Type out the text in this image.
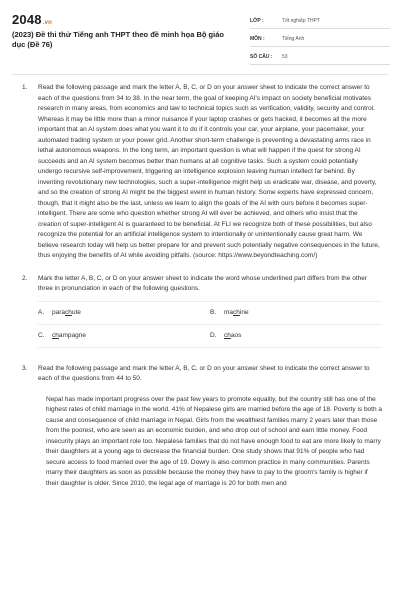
2048.vn
(2023) Đề thi thử Tiếng anh THPT theo đề minh họa Bộ giáo dục (Đề 76)
LỚP :	Tốt nghiệp THPT
MÔN :	Tiếng Anh
SỐ CÂU :	53
1. Read the following passage and mark the letter A, B, C, or D on your answer sheet to indicate the correct answer to each of the questions from 34 to 38. In the near term, the goal of keeping AI's impact on society beneficial motivates research in many areas, from economics and law to technical topics such as verification, validity, security and control. Whereas it may be little more than a minor nuisance if your laptop crashes or gets hacked, it becomes all the more important that an AI system does what you want it to do if it controls your car, your airplane, your pacemaker, your automated trading system or your power grid. Another short-term challenge is preventing a devastating arms race in lethal autonomous weapons. In the long term, an important question is what will happen if the quest for strong AI succeeds and an AI system becomes better than humans at all cognitive tasks. Such a system could potentially undergo recursive self-improvement, triggering an intelligence explosion leaving human intellect far behind. By inventing revolutionary new technologies, such a super-intelligence might help us eradicate war, disease, and poverty, and so the creation of strong AI might be the biggest event in human history. Some experts have expressed concern, though, that it might also be the last, unless we learn to align the goals of the AI with ours before it becomes super-intelligent. There are some who question whether strong AI will ever be achieved, and others who insist that the creation of super-intelligent AI is guaranteed to be beneficial. At FLI we recognize both of these possibilities, but also recognize the potential for an artificial intelligence system to intentionally or unintentionally cause great harm. We believe research today will help us better prepare for and prevent such potentially negative consequences in the future, thus enjoying the benefits of AI while avoiding pitfalls. (source: https://www.beyondteaching.com/)

2. Mark the letter A, B, C, or D on your answer sheet to indicate the word whose underlined part differs from the other three in pronunciation in each of the following questions.

A.	parachute	B.	machine
C.	champagne	D.	chaos
3. Read the following passage and mark the letter A, B, C, or D on your answer sheet to indicate the correct answer to each of the questions from 44 to 50.

Nepal has made important progress over the past few years to promote equality, but the country still has one of the highest rates of child marriage in the world. 41% of Nepalese girls are married before the age of 18. Poverty is both a cause and consequence of child marriage in Nepal. Girls from the wealthiest families marry 2 years later than those from the poorest, who are seen as an economic burden, and who drop out of school and earn little money. Food insecurity plays an important role too. Nepalese families that do not have enough food to eat are more likely to marry their daughters at a young age to decrease the financial burden. One study shows that 91% of people who had secure access to food married over the age of 19. Dowry is also common practice in many communities. Parents marry their daughters as soon as possible because the money they have to pay to the groom's family is higher if their daughter is older. Since 2010, the legal age of marriage is 20 for both men and
